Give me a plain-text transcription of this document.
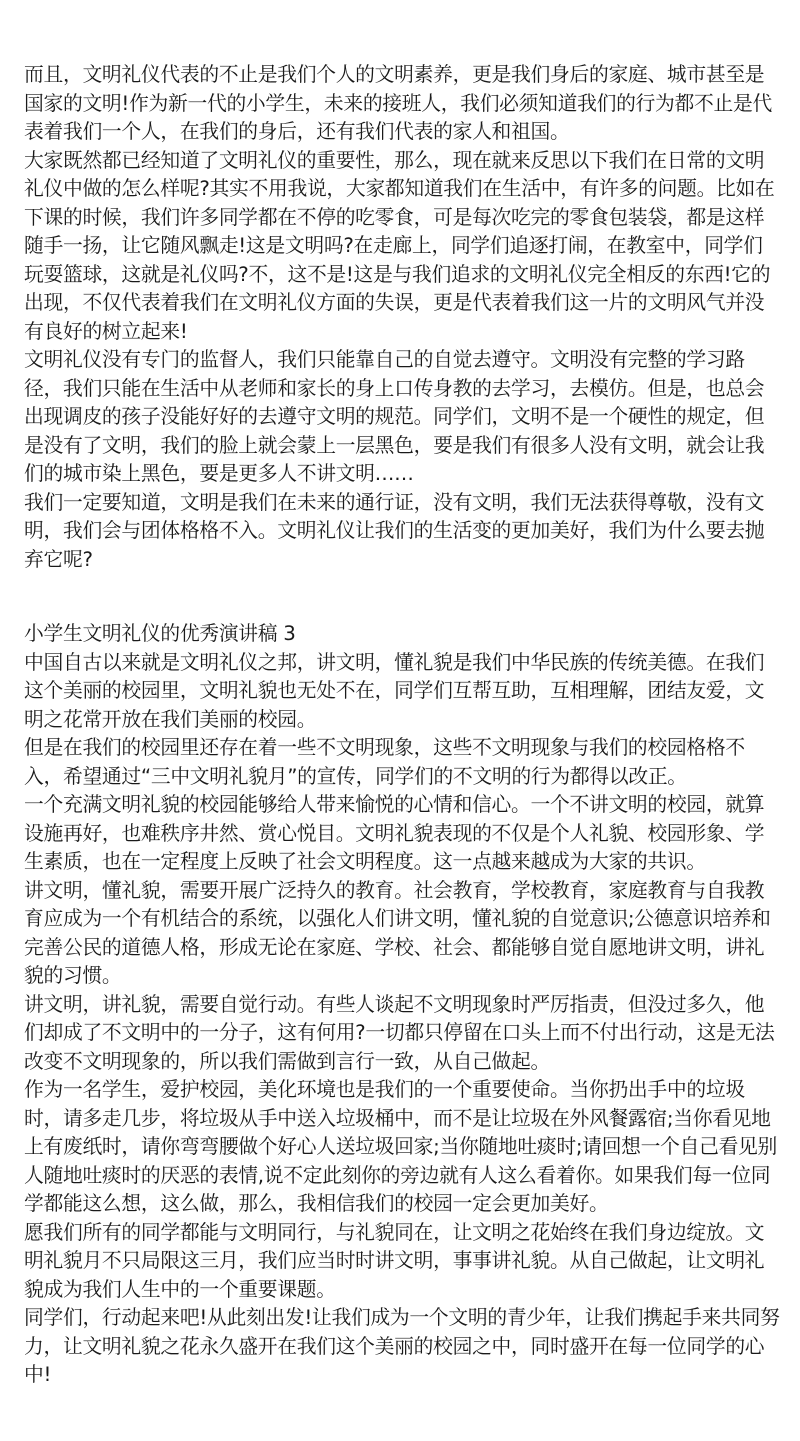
而且，文明礼仪代表的不止是我们个人的文明素养，更是我们身后的家庭、城市甚至是国家的文明!作为新一代的小学生，未来的接班人，我们必须知道我们的行为都不止是代表着我们一个人，在我们的身后，还有我们代表的家人和祖国。

大家既然都已经知道了文明礼仪的重要性，那么，现在就来反思以下我们在日常的文明礼仪中做的怎么样呢?其实不用我说，大家都知道我们在生活中，有许多的问题。比如在下课的时候，我们许多同学都在不停的吃零食，可是每次吃完的零食包装袋，都是这样随手一扬，让它随风飘走!这是文明吗?在走廊上，同学们追逐打闹，在教室中，同学们玩耍篮球，这就是礼仪吗?不，这不是!这是与我们追求的文明礼仪完全相反的东西!它的出现，不仅代表着我们在文明礼仪方面的失误，更是代表着我们这一片的文明风气并没有良好的树立起来!

文明礼仪没有专门的监督人，我们只能靠自己的自觉去遵守。文明没有完整的学习路径，我们只能在生活中从老师和家长的身上口传身教的去学习，去模仿。但是，也总会出现调皮的孩子没能好好的去遵守文明的规范。同学们，文明不是一个硬性的规定，但是没有了文明，我们的脸上就会蒙上一层黑色，要是我们有很多人没有文明，就会让我们的城市染上黑色，要是更多人不讲文明……

我们一定要知道，文明是我们在未来的通行证，没有文明，我们无法获得尊敬，没有文明，我们会与团体格格不入。文明礼仪让我们的生活变的更加美好，我们为什么要去抛弃它呢?

小学生文明礼仪的优秀演讲稿 3

中国自古以来就是文明礼仪之邦，讲文明，懂礼貌是我们中华民族的传统美德。在我们这个美丽的校园里，文明礼貌也无处不在，同学们互帮互助，互相理解，团结友爱，文明之花常开放在我们美丽的校园。

但是在我们的校园里还存在着一些不文明现象，这些不文明现象与我们的校园格格不入，希望通过“三中文明礼貌月”的宣传，同学们的不文明的行为都得以改正。

一个充满文明礼貌的校园能够给人带来愉悦的心情和信心。一个不讲文明的校园，就算设施再好，也难秩序井然、赏心悦目。文明礼貌表现的不仅是个人礼貌、校园形象、学生素质，也在一定程度上反映了社会文明程度。这一点越来越成为大家的共识。

讲文明，懂礼貌，需要开展广泛持久的教育。社会教育，学校教育，家庭教育与自我教育应成为一个有机结合的系统，以强化人们讲文明，懂礼貌的自觉意识;公德意识培养和完善公民的道德人格，形成无论在家庭、学校、社会、都能够自觉自愿地讲文明，讲礼貌的习惯。

讲文明，讲礼貌，需要自觉行动。有些人谈起不文明现象时严厉指责，但没过多久，他们却成了不文明中的一分子，这有何用?一切都只停留在口头上而不付出行动，这是无法改变不文明现象的，所以我们需做到言行一致，从自己做起。

作为一名学生，爱护校园，美化环境也是我们的一个重要使命。当你扔出手中的垃圾时，请多走几步，将垃圾从手中送入垃圾桶中，而不是让垃圾在外风餐露宿;当你看见地上有废纸时，请你弯弯腰做个好心人送垃圾回家;当你随地吐痰时;请回想一个自己看见别人随地吐痰时的厌恶的表情,说不定此刻你的旁边就有人这么看着你。如果我们每一位同学都能这么想，这么做，那么，我相信我们的校园一定会更加美好。

愿我们所有的同学都能与文明同行，与礼貌同在，让文明之花始终在我们身边绽放。文明礼貌月不只局限这三月，我们应当时时讲文明，事事讲礼貌。从自己做起，让文明礼貌成为我们人生中的一个重要课题。

同学们，行动起来吧!从此刻出发!让我们成为一个文明的青少年，让我们携起手来共同努力，让文明礼貌之花永久盛开在我们这个美丽的校园之中，同时盛开在每一位同学的心中!
